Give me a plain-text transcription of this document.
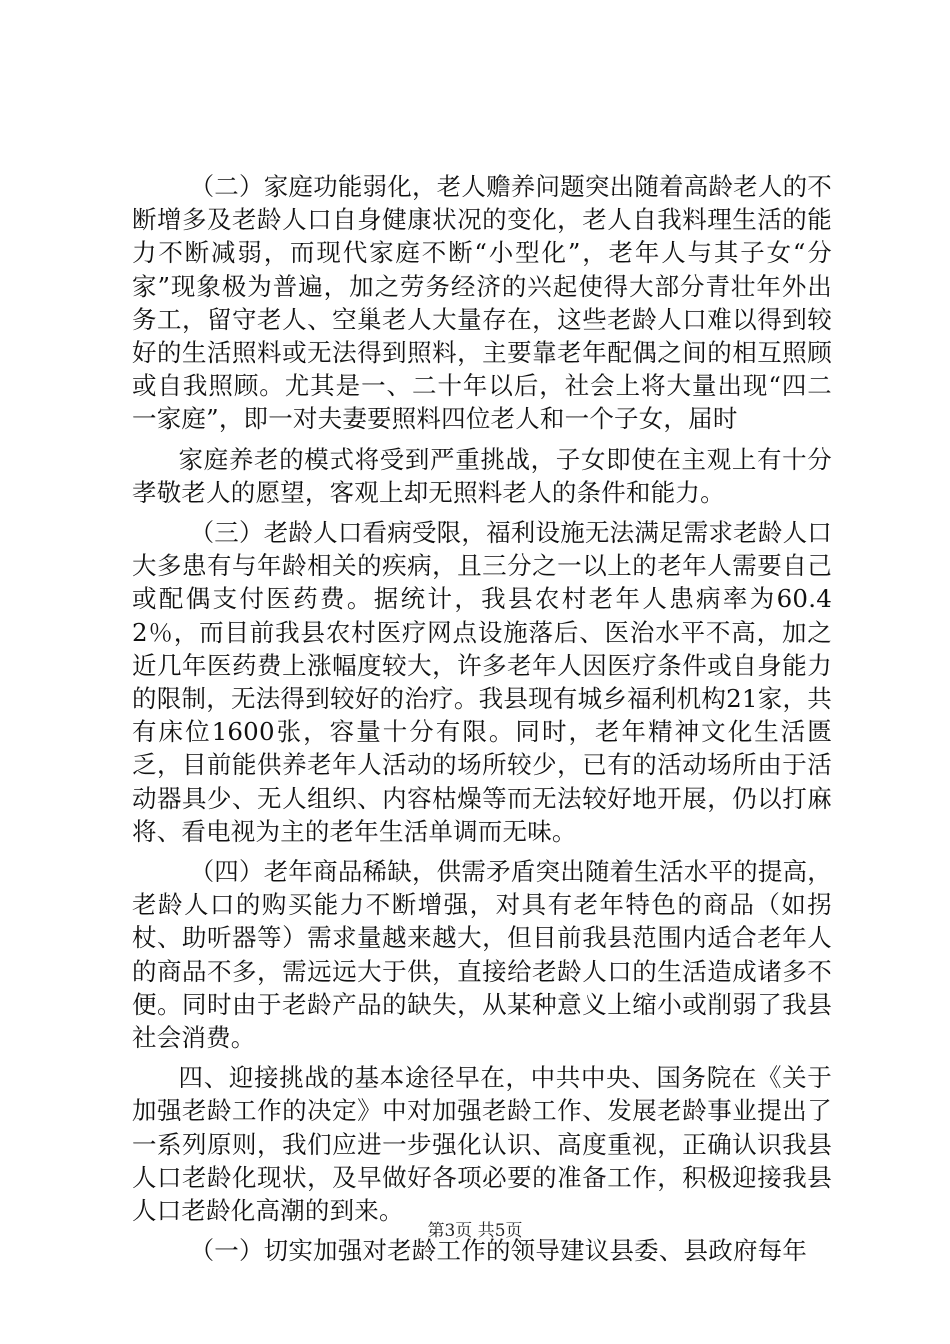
（二）家庭功能弱化，老人赡养问题突出随着高龄老人的不断增多及老龄人口自身健康状况的变化，老人自我料理生活的能力不断减弱，而现代家庭不断“小型化”，老年人与其子女“分家”现象极为普遍，加之劳务经济的兴起使得大部分青壮年外出务工，留守老人、空巢老人大量存在，这些老龄人口难以得到较好的生活照料或无法得到照料，主要靠老年配偶之间的相互照顾或自我照顾。尤其是一、二十年以后，社会上将大量出现“四二一家庭”，即一对夫妻要照料四位老人和一个子女，届时

家庭养老的模式将受到严重挑战，子女即使在主观上有十分孝敬老人的愿望，客观上却无照料老人的条件和能力。

（三）老龄人口看病受限，福利设施无法满足需求老龄人口大多患有与年龄相关的疾病，且三分之一以上的老年人需要自己或配偶支付医药费。据统计，我县农村老年人患病率为60.42％，而目前我县农村医疗网点设施落后、医治水平不高，加之近几年医药费上涨幅度较大，许多老年人因医疗条件或自身能力的限制，无法得到较好的治疗。我县现有城乡福利机构21家，共有床位1600张，容量十分有限。同时，老年精神文化生活匮乏，目前能供养老年人活动的场所较少，已有的活动场所由于活动器具少、无人组织、内容枯燥等而无法较好地开展，仍以打麻将、看电视为主的老年生活单调而无味。

（四）老年商品稀缺，供需矛盾突出随着生活水平的提高，老龄人口的购买能力不断增强，对具有老年特色的商品（如拐杖、助听器等）需求量越来越大，但目前我县范围内适合老年人的商品不多，需远远大于供，直接给老龄人口的生活造成诸多不便。同时由于老龄产品的缺失，从某种意义上缩小或削弱了我县社会消费。

四、迎接挑战的基本途径早在，中共中央、国务院在《关于加强老龄工作的决定》中对加强老龄工作、发展老龄事业提出了一系列原则，我们应进一步强化认识、高度重视，正确认识我县人口老龄化现状，及早做好各项必要的准备工作，积极迎接我县人口老龄化高潮的到来。

（一）切实加强对老龄工作的领导建议县委、县政府每年

第3页 共5页
